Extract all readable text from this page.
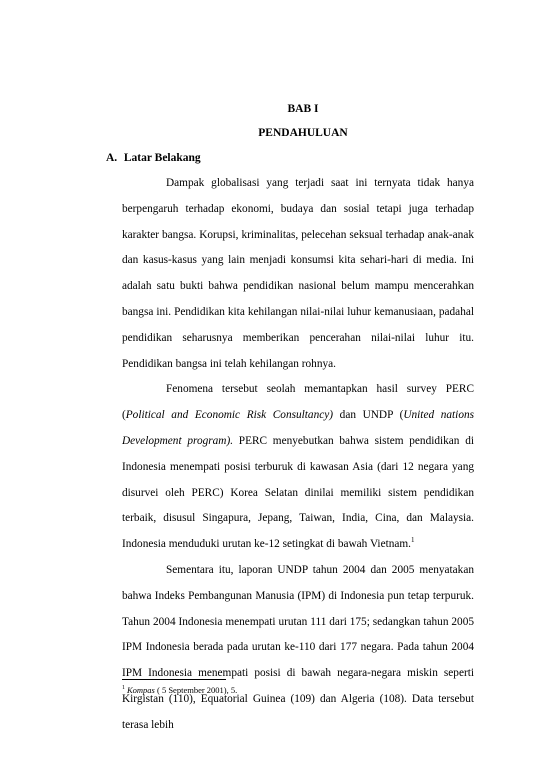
BAB I
PENDAHULUAN
A. Latar Belakang

Dampak globalisasi yang terjadi saat ini ternyata tidak hanya berpengaruh terhadap ekonomi, budaya dan sosial tetapi juga terhadap karakter bangsa. Korupsi, kriminalitas, pelecehan seksual terhadap anak-anak dan kasus-kasus yang lain menjadi konsumsi kita sehari-hari di media. Ini adalah satu bukti bahwa pendidikan nasional belum mampu mencerahkan bangsa ini. Pendidikan kita kehilangan nilai-nilai luhur kemanusiaan, padahal pendidikan seharusnya memberikan pencerahan nilai-nilai luhur itu. Pendidikan bangsa ini telah kehilangan rohnya.

Fenomena tersebut seolah memantapkan hasil survey PERC (Political and Economic Risk Consultancy) dan UNDP (United nations Development program). PERC menyebutkan bahwa sistem pendidikan di Indonesia menempati posisi terburuk di kawasan Asia (dari 12 negara yang disurvei oleh PERC) Korea Selatan dinilai memiliki sistem pendidikan terbaik, disusul Singapura, Jepang, Taiwan, India, Cina, dan Malaysia. Indonesia menduduki urutan ke-12 setingkat di bawah Vietnam.$^1$

Sementara itu, laporan UNDP tahun 2004 dan 2005 menyatakan bahwa Indeks Pembangunan Manusia (IPM) di Indonesia pun tetap terpuruk. Tahun 2004 Indonesia menempati urutan 111 dari 175; sedangkan tahun 2005 IPM Indonesia berada pada urutan ke-110 dari 177 negara. Pada tahun 2004 IPM Indonesia menempati posisi di bawah negara-negara miskin seperti Kirgistan (110), Equatorial Guinea (109) dan Algeria (108). Data tersebut terasa lebih

$^1$ Kompas ( 5 September 2001), 5.
